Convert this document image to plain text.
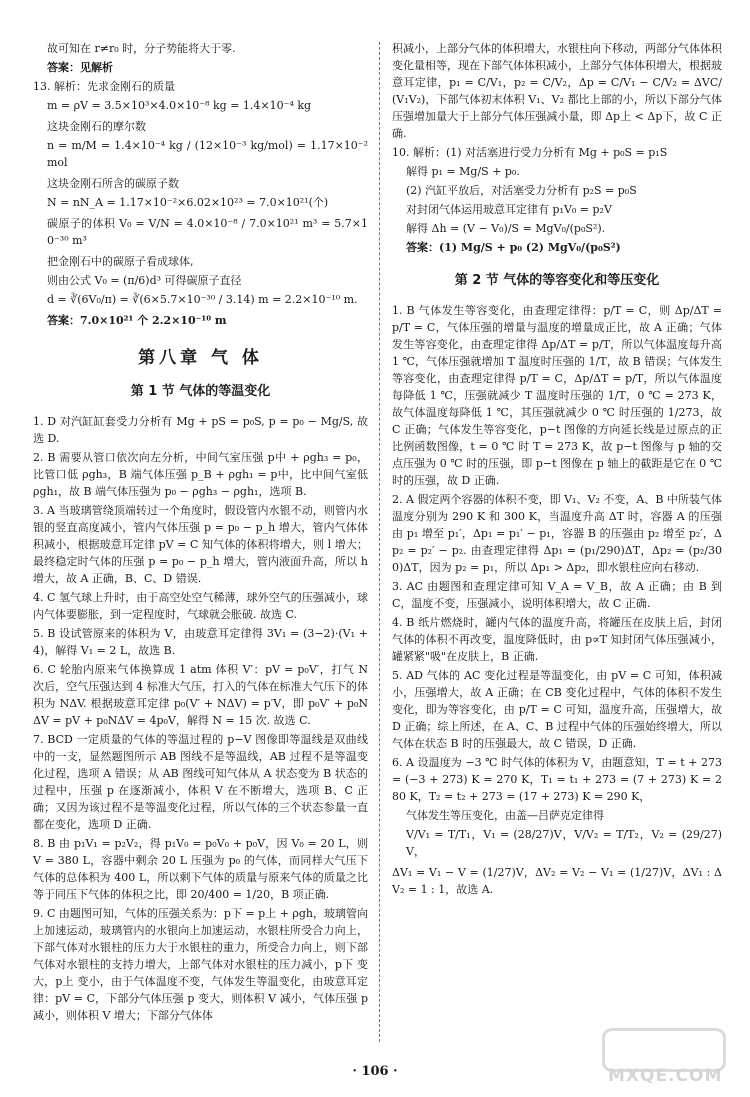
故可知在 r≠r₀ 时，分子势能将大于零.

答案：见解析

13. 解析：先求金刚石的质量

m = ρV = 3.5×10³×4.0×10⁻⁸ kg = 1.4×10⁻⁴ kg

这块金刚石的摩尔数

n = m/M = 1.4×10⁻⁴ kg / (12×10⁻³ kg/mol) = 1.17×10⁻² mol

这块金刚石所含的碳原子数

N = nN_A = 1.17×10⁻²×6.02×10²³ = 7.0×10²¹(个)

碳原子的体积 V₀ = V/N = 4.0×10⁻⁸ / 7.0×10²¹ m³ = 5.7×10⁻³⁰ m³

把金刚石中的碳原子看成球体,

则由公式 V₀ = (π/6)d³ 可得碳原子直径

d = ∛(6V₀/π) = ∛(6×5.7×10⁻³⁰ / 3.14) m = 2.2×10⁻¹⁰ m.

答案：7.0×10²¹ 个 2.2×10⁻¹⁰ m

第八章 气 体
第 1 节 气体的等温变化

1. D 对汽缸缸套受力分析有 Mg + pS = p₀S, p = p₀ − Mg/S, 故选 D.

2. B 需要从管口依次向左分析，中间气室压强 p中 + ρgh₃ = p₀，比管口低 ρgh₃，B 端气体压强 p_B + ρgh₁ = p中，比中间气室低 ρgh₁，故 B 端气体压强为 p₀ − ρgh₃ − ρgh₁，选项 B.

3. A 当玻璃管绕顶端转过一个角度时，假设管内水银不动，则管内水银的竖直高度减小，管内气体压强 p = p₀ − p_h 增大，管内气体体积减小，根据玻意耳定律 pV = C 知气体的体积将增大，则 l 增大；最终稳定时气体的压强 p = p₀ − p_h 增大，管内液面升高，所以 h 增大，故 A 正确，B、C、D 错误.

4. C 氢气球上升时，由于高空处空气稀薄，球外空气的压强减小，球内气体要膨胀，到一定程度时，气球就会胀破. 故选 C.

5. B 设试管原来的体积为 V，由玻意耳定律得 3V₁ = (3−2)·(V₁ + 4)，解得 V₁ = 2 L，故选 B.

6. C 轮胎内原来气体换算成 1 atm 体积 V′：pV = p₀V′，打气 N 次后，空气压强达到 4 标准大气压，打入的气体在标准大气压下的体积为 NΔV. 根据玻意耳定律 p₀(V′ + NΔV) = p′V，即 p₀V′ + p₀NΔV = pV + p₀NΔV = 4p₀V，解得 N = 15 次. 故选 C.

7. BCD 一定质量的气体的等温过程的 p−V 图像即等温线是双曲线中的一支，显然题图所示 AB 图线不是等温线，AB 过程不是等温变化过程，选项 A 错误；从 AB 图线可知气体从 A 状态变为 B 状态的过程中，压强 p 在逐渐减小，体积 V 在不断增大，选项 B、C 正确；又因为该过程不是等温变化过程，所以气体的三个状态参量一直都在变化，选项 D 正确.

8. B 由 p₁V₁ = p₂V₂，得 p₁V₀ = p₀V₀ + p₀V，因 V₀ = 20 L，则 V = 380 L，容器中剩余 20 L 压强为 p₀ 的气体，而同样大气压下气体的总体积为 400 L，所以剩下气体的质量与原来气体的质量之比等于同压下气体的体积之比，即 20/400 = 1/20，B 项正确.

9. C 由题图可知，气体的压强关系为：p下 = p上 + ρgh，玻璃管向上加速运动，玻璃管内的水银向上加速运动，水银柱所受合力向上，下部气体对水银柱的压力大于水银柱的重力，所受合力向上，则下部气体对水银柱的支持力增大，上部气体对水银柱的压力减小，p下 变大，p上 变小，由于气体温度不变，气体发生等温变化，由玻意耳定律：pV = C，下部分气体压强 p 变大，则体积 V 减小，气体压强 p 减小，则体积 V 增大；下部分气体体

积减小，上部分气体的体积增大，水银柱向下移动，两部分气体体积变化量相等，现在下部气体体积减小，上部分气体体积增大，根据玻意耳定律，p₁ = C/V₁，p₂ = C/V₂，Δp = C/V₁ − C/V₂ = ΔVC/(V₁V₂)，下部气体初末体积 V₁、V₂ 都比上部的小，所以下部分气体压强增加量大于上部分气体压强减小量，即 Δp上 < Δp下，故 C 正确.

10. 解析：(1) 对活塞进行受力分析有 Mg + p₀S = p₁S

解得 p₁ = Mg/S + p₀.

(2) 汽缸平放后，对活塞受力分析有 p₂S = p₀S

对封闭气体运用玻意耳定律有 p₁V₀ = p₂V

解得 Δh = (V − V₀)/S = MgV₀/(p₀S²).

答案：(1) Mg/S + p₀ (2) MgV₀/(p₀S²)

第 2 节 气体的等容变化和等压变化

1. B 气体发生等容变化，由查理定律得：p/T = C，则 Δp/ΔT = p/T = C，气体压强的增量与温度的增量成正比，故 A 正确；气体发生等容变化，由查理定律得 Δp/ΔT = p/T，所以气体温度每升高 1 ℃，气体压强就增加 T 温度时压强的 1/T，故 B 错误；气体发生等容变化，由查理定律得 p/T = C，Δp/ΔT = p/T，所以气体温度每降低 1 ℃，压强就减少 T 温度时压强的 1/T，0 ℃ = 273 K，故气体温度每降低 1 ℃，其压强就减少 0 ℃ 时压强的 1/273，故 C 正确；气体发生等容变化，p−t 图像的方向延长线是过原点的正比例函数图像，t = 0 ℃ 时 T = 273 K，故 p−t 图像与 p 轴的交点压强为 0 ℃ 时的压强，即 p−t 图像在 p 轴上的截距是它在 0 ℃ 时的压强，故 D 正确.

2. A 假定两个容器的体积不变，即 V₁、V₂ 不变，A、B 中所装气体温度分别为 290 K 和 300 K，当温度升高 ΔT 时，容器 A 的压强由 p₁ 增至 p₁′，Δp₁ = p₁′ − p₁，容器 B 的压强由 p₂ 增至 p₂′，Δp₂ = p₂′ − p₂. 由查理定律得 Δp₁ = (p₁/290)ΔT，Δp₂ = (p₂/300)ΔT，因为 p₂ = p₁，所以 Δp₁ > Δp₂，即水银柱应向右移动.

3. AC 由题图和查理定律可知 V_A = V_B，故 A 正确；由 B 到 C，温度不变，压强减小，说明体积增大，故 C 正确.

4. B 纸片燃烧时，罐内气体的温度升高，将罐压在皮肤上后，封闭气体的体积不再改变，温度降低时，由 p∝T 知封闭气体压强减小，罐紧紧"吸"在皮肤上，B 正确.

5. AD 气体的 AC 变化过程是等温变化，由 pV = C 可知，体积减小，压强增大，故 A 正确；在 CB 变化过程中，气体的体积不发生变化，即为等容变化，由 p/T = C 可知，温度升高，压强增大，故 D 正确；综上所述，在 A、C、B 过程中气体的压强始终增大，所以气体在状态 B 时的压强最大，故 C 错误，D 正确.

6. A 设温度为 −3 ℃ 时气体的体积为 V，由题意知，T = t + 273 = (−3 + 273) K = 270 K，T₁ = t₁ + 273 = (7 + 273) K = 280 K，T₂ = t₂ + 273 = (17 + 273) K = 290 K，

气体发生等压变化，由盖—吕萨克定律得

V/V₁ = T/T₁，V₁ = (28/27)V，V/V₂ = T/T₂，V₂ = (29/27)V，

ΔV₁ = V₁ − V = (1/27)V，ΔV₂ = V₂ − V₁ = (1/27)V，ΔV₁ : ΔV₂ = 1 : 1，故选 A.

· 106 ·	MXQE.COM
